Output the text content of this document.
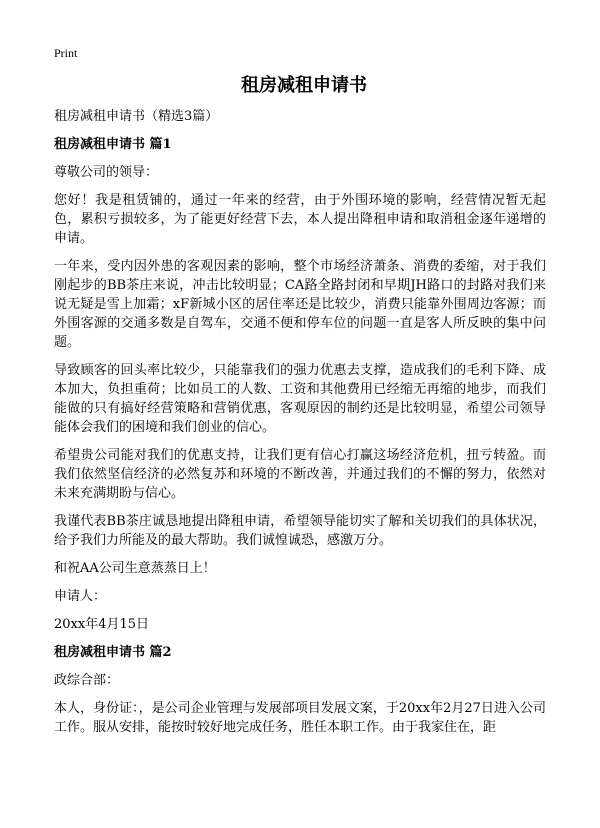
Print
租房减租申请书
租房减租申请书（精选3篇）
租房减租申请书 篇1

尊敬公司的领导：

您好！我是租赁铺的，通过一年来的经营，由于外围环境的影响，经营情况暂无起色，累积亏损较多，为了能更好经营下去，本人提出降租申请和取消租金逐年递增的申请。

一年来，受内因外患的客观因素的影响，整个市场经济萧条、消费的委缩，对于我们刚起步的BB茶庄来说，冲击比较明显；CA路全路封闭和早期JH路口的封路对我们来说无疑是雪上加霜；xF新城小区的居住率还是比较少，消费只能靠外围周边客源；而外围客源的交通多数是自驾车，交通不便和停车位的问题一直是客人所反映的集中问题。

导致顾客的回头率比较少，只能靠我们的强力优惠去支撑，造成我们的毛利下降、成本加大，负担重荷；比如员工的人数、工资和其他费用已经缩无再缩的地步，而我们能做的只有搞好经营策略和营销优惠，客观原因的制约还是比较明显，希望公司领导能体会我们的困境和我们创业的信心。

希望贵公司能对我们的优惠支持，让我们更有信心打赢这场经济危机，扭亏转盈。而我们依然坚信经济的必然复苏和环境的不断改善，并通过我们的不懈的努力，依然对未来充满期盼与信心。

我谨代表BB茶庄诚恳地提出降租申请，希望领导能切实了解和关切我们的具体状况，给予我们力所能及的最大帮助。我们诚惶诚恐，感激万分。

和祝AA公司生意蒸蒸日上！

申请人：

20xx年4月15日

租房减租申请书 篇2

政综合部：

本人，身份证：，是公司企业管理与发展部项目发展文案，于20xx年2月27日进入公司工作。服从安排，能按时较好地完成任务，胜任本职工作。由于我家住在，距
